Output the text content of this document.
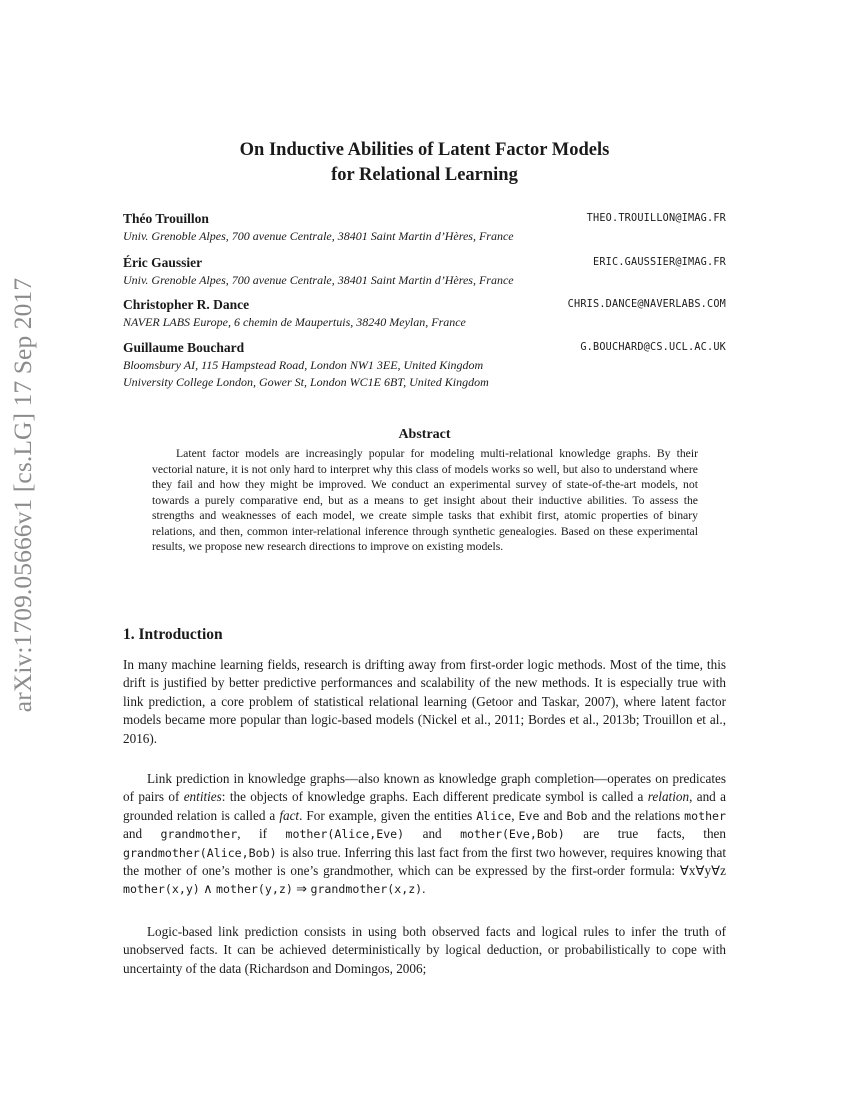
arXiv:1709.05666v1 [cs.LG] 17 Sep 2017
On Inductive Abilities of Latent Factor Models
for Relational Learning
Théo Trouillon	THEO.TROUILLON@IMAG.FR
Univ. Grenoble Alpes, 700 avenue Centrale, 38401 Saint Martin d’Hères, France
Éric Gaussier	ERIC.GAUSSIER@IMAG.FR
Univ. Grenoble Alpes, 700 avenue Centrale, 38401 Saint Martin d’Hères, France
Christopher R. Dance	CHRIS.DANCE@NAVERLABS.COM
NAVER LABS Europe, 6 chemin de Maupertuis, 38240 Meylan, France
Guillaume Bouchard	G.BOUCHARD@CS.UCL.AC.UK
Bloomsbury AI, 115 Hampstead Road, London NW1 3EE, United Kingdom
University College London, Gower St, London WC1E 6BT, United Kingdom
Abstract
Latent factor models are increasingly popular for modeling multi-relational knowledge graphs. By their vectorial nature, it is not only hard to interpret why this class of models works so well, but also to understand where they fail and how they might be improved. We conduct an experimental survey of state-of-the-art models, not towards a purely comparative end, but as a means to get insight about their inductive abilities. To assess the strengths and weaknesses of each model, we create simple tasks that exhibit first, atomic properties of binary relations, and then, common inter-relational inference through synthetic genealogies. Based on these experimental results, we propose new research directions to improve on existing models.
1. Introduction
In many machine learning fields, research is drifting away from first-order logic methods. Most of the time, this drift is justified by better predictive performances and scalability of the new methods. It is especially true with link prediction, a core problem of statistical relational learning (Getoor and Taskar, 2007), where latent factor models became more popular than logic-based models (Nickel et al., 2011; Bordes et al., 2013b; Trouillon et al., 2016).
Link prediction in knowledge graphs—also known as knowledge graph completion—operates on predicates of pairs of entities: the objects of knowledge graphs. Each different predicate symbol is called a relation, and a grounded relation is called a fact. For example, given the entities Alice, Eve and Bob and the relations mother and grandmother, if mother(Alice,Eve) and mother(Eve,Bob) are true facts, then grandmother(Alice,Bob) is also true. Inferring this last fact from the first two however, requires knowing that the mother of one’s mother is one’s grandmother, which can be expressed by the first-order formula: ∀x∀y∀z mother(x,y) ∧ mother(y,z) ⇒ grandmother(x,z).
Logic-based link prediction consists in using both observed facts and logical rules to infer the truth of unobserved facts. It can be achieved deterministically by logical deduction, or probabilistically to cope with uncertainty of the data (Richardson and Domingos, 2006;
